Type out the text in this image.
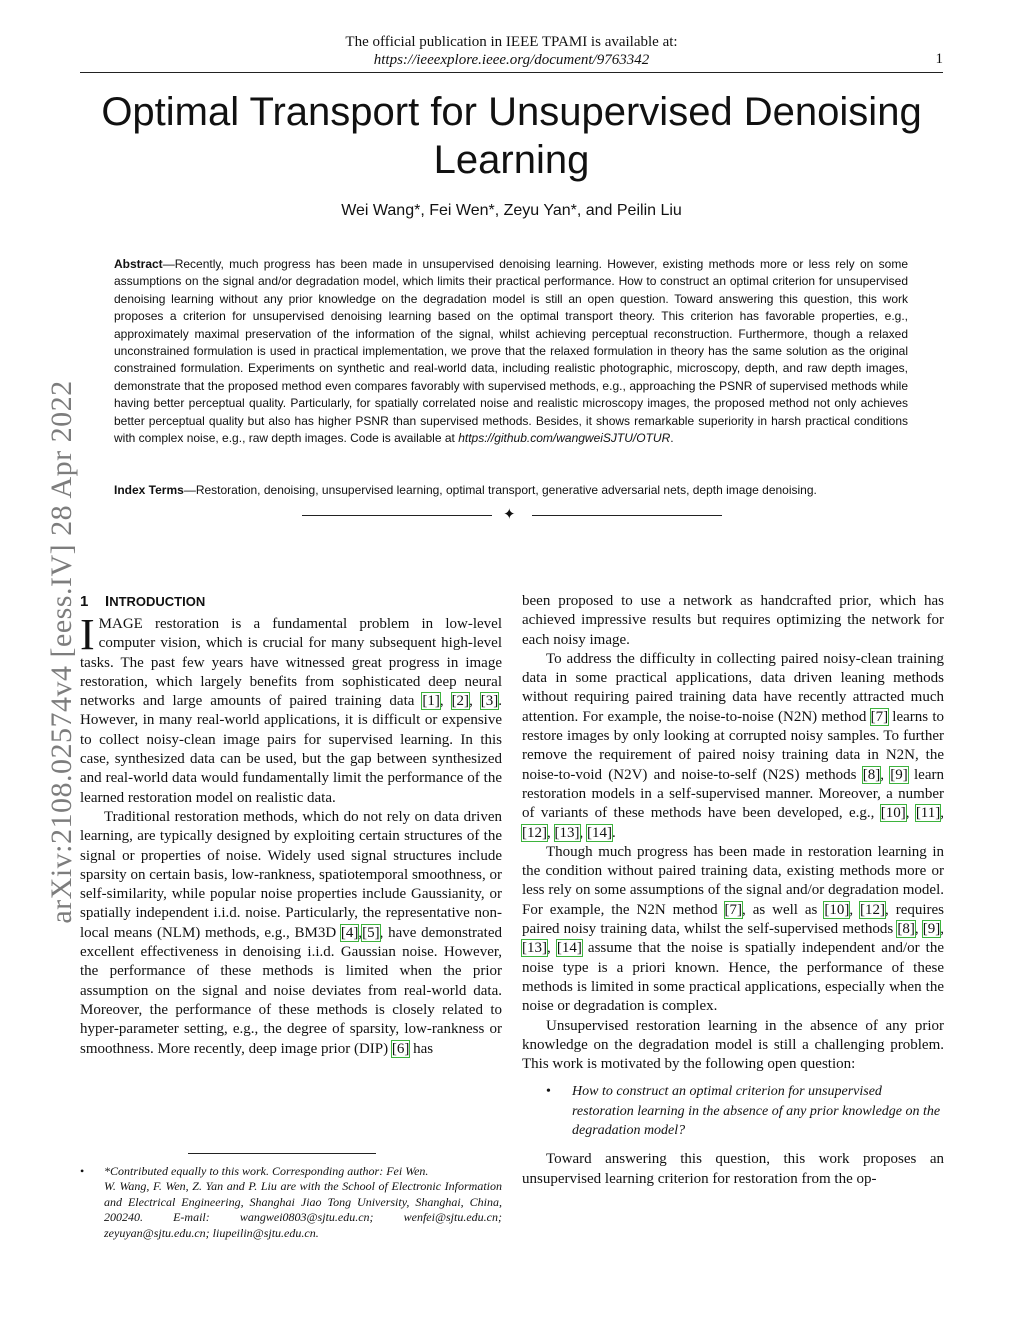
The official publication in IEEE TPAMI is available at:
https://ieeexplore.ieee.org/document/9763342	1
Optimal Transport for Unsupervised Denoising Learning
Wei Wang*, Fei Wen*, Zeyu Yan*, and Peilin Liu

Abstract—Recently, much progress has been made in unsupervised denoising learning. However, existing methods more or less rely on some assumptions on the signal and/or degradation model, which limits their practical performance. How to construct an optimal criterion for unsupervised denoising learning without any prior knowledge on the degradation model is still an open question. Toward answering this question, this work proposes a criterion for unsupervised denoising learning based on the optimal transport theory. This criterion has favorable properties, e.g., approximately maximal preservation of the information of the signal, whilst achieving perceptual reconstruction. Furthermore, though a relaxed unconstrained formulation is used in practical implementation, we prove that the relaxed formulation in theory has the same solution as the original constrained formulation. Experiments on synthetic and real-world data, including realistic photographic, microscopy, depth, and raw depth images, demonstrate that the proposed method even compares favorably with supervised methods, e.g., approaching the PSNR of supervised methods while having better perceptual quality. Particularly, for spatially correlated noise and realistic microscopy images, the proposed method not only achieves better perceptual quality but also has higher PSNR than supervised methods. Besides, it shows remarkable superiority in harsh practical conditions with complex noise, e.g., raw depth images. Code is available at https://github.com/wangweiSJTU/OTUR.

Index Terms—Restoration, denoising, unsupervised learning, optimal transport, generative adversarial nets, depth image denoising.

✦
arXiv:2108.02574v4 [eess.IV] 28 Apr 2022 1 INTRODUCTION

IMAGE restoration is a fundamental problem in low-level computer vision, which is crucial for many subsequent high-level tasks. The past few years have witnessed great progress in image restoration, which largely benefits from sophisticated deep neural networks and large amounts of paired training data [1], [2], [3]. However, in many real-world applications, it is difficult or expensive to collect noisy-clean image pairs for supervised learning. In this case, synthesized data can be used, but the gap between synthesized and real-world data would fundamentally limit the performance of the learned restoration model on realistic data.

Traditional restoration methods, which do not rely on data driven learning, are typically designed by exploiting certain structures of the signal or properties of noise. Widely used signal structures include sparsity on certain basis, low-rankness, spatiotemporal smoothness, or self-similarity, while popular noise properties include Gaussianity, or spatially independent i.i.d. noise. Particularly, the representative non-local means (NLM) methods, e.g., BM3D [4],[5], have demonstrated excellent effectiveness in denoising i.i.d. Gaussian noise. However, the performance of these methods is limited when the prior assumption on the signal and noise deviates from real-world data. Moreover, the performance of these methods is closely related to hyper-parameter setting, e.g., the degree of sparsity, low-rankness or smoothness. More recently, deep image prior (DIP) [6] has

• *Contributed equally to this work. Corresponding author: Fei Wen.

W. Wang, F. Wen, Z. Yan and P. Liu are with the School of Electronic Information and Electrical Engineering, Shanghai Jiao Tong University, Shanghai, China, 200240. E-mail: wangwei0803@sjtu.edu.cn; wenfei@sjtu.edu.cn; zeyuyan@sjtu.edu.cn; liupeilin@sjtu.edu.cn.

been proposed to use a network as handcrafted prior, which has achieved impressive results but requires optimizing the network for each noisy image.

To address the difficulty in collecting paired noisy-clean training data in some practical applications, data driven leaning methods without requiring paired training data have recently attracted much attention. For example, the noise-to-noise (N2N) method [7] learns to restore images by only looking at corrupted noisy samples. To further remove the requirement of paired noisy training data in N2N, the noise-to-void (N2V) and noise-to-self (N2S) methods [8], [9] learn restoration models in a self-supervised manner. Moreover, a number of variants of these methods have been developed, e.g., [10], [11], [12], [13], [14].

Though much progress has been made in restoration learning in the condition without paired training data, existing methods more or less rely on some assumptions of the signal and/or degradation model. For example, the N2N method [7], as well as [10], [12], requires paired noisy training data, whilst the self-supervised methods [8], [9], [13], [14] assume that the noise is spatially independent and/or the noise type is a priori known. Hence, the performance of these methods is limited in some practical applications, especially when the noise or degradation is complex.

Unsupervised restoration learning in the absence of any prior knowledge on the degradation model is still a challenging problem. This work is motivated by the following open question:

• How to construct an optimal criterion for unsupervised restoration learning in the absence of any prior knowledge on the degradation model?

Toward answering this question, this work proposes an unsupervised learning criterion for restoration from the op-
